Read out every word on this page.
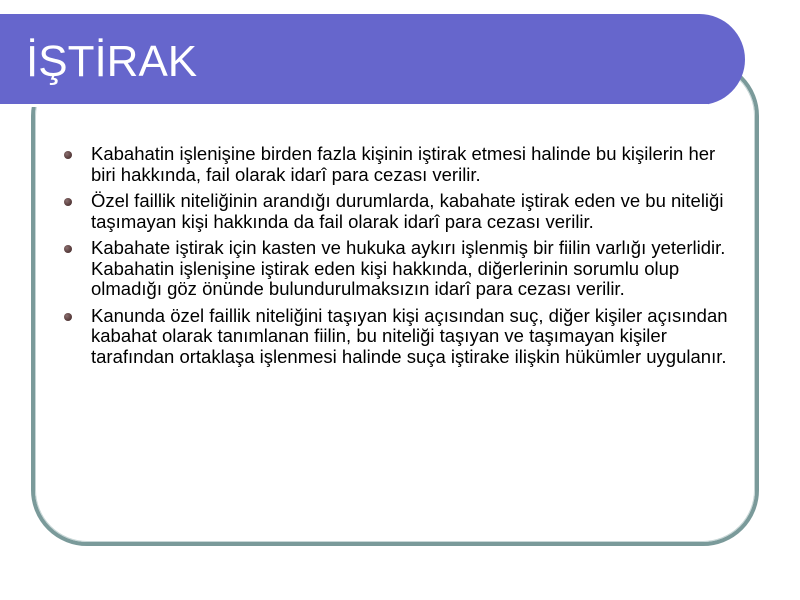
İŞTİRAK
Kabahatin işlenişine birden fazla kişinin iştirak etmesi halinde bu kişilerin her biri hakkında, fail olarak idarî para cezası verilir.
Özel faillik niteliğinin arandığı durumlarda, kabahate iştirak eden ve bu niteliği taşımayan kişi hakkında da fail olarak idarî para cezası verilir.
Kabahate iştirak için kasten ve hukuka aykırı işlenmiş bir fiilin varlığı yeterlidir. Kabahatin işlenişine iştirak eden kişi hakkında, diğerlerinin sorumlu olup olmadığı göz önünde bulundurulmaksızın idarî para cezası verilir.
Kanunda özel faillik niteliğini taşıyan kişi açısından suç, diğer kişiler açısından kabahat olarak tanımlanan fiilin, bu niteliği taşıyan ve taşımayan kişiler tarafından ortaklaşa işlenmesi halinde suça iştirake ilişkin hükümler uygulanır.
